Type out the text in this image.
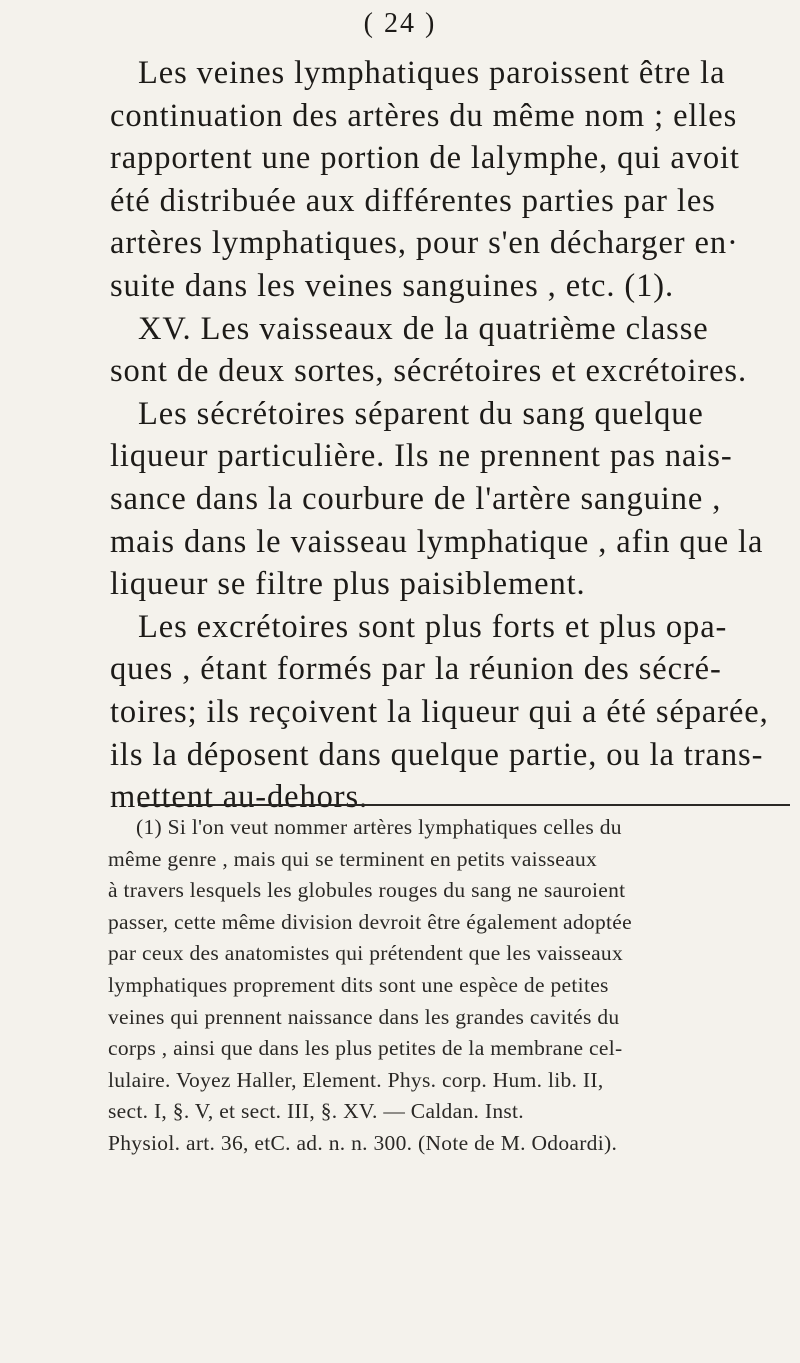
( 24 )
Les veines lymphatiques paroissent être la
continuation des artères du même nom ; elles
rapportent une portion de lalymphe, qui avoit
été distribuée aux différentes parties par les
artères lymphatiques, pour s'en décharger en·
suite dans les veines sanguines , etc. (1).
XV. Les vaisseaux de la quatrième classe
sont de deux sortes, sécrétoires et excrétoires.
Les sécrétoires séparent du sang quelque
liqueur particulière. Ils ne prennent pas nais-
sance dans la courbure de l'artère sanguine ,
mais dans le vaisseau lymphatique , afin que la
liqueur se filtre plus paisiblement.
Les excrétoires sont plus forts et plus opa-
ques , étant formés par la réunion des sécré-
toires; ils reçoivent la liqueur qui a été séparée,
ils la déposent dans quelque partie, ou la trans-
mettent au-dehors.
(1) Si l'on veut nommer artères lymphatiques celles du
même genre , mais qui se terminent en petits vaisseaux
à travers lesquels les globules rouges du sang ne sauroient
passer, cette même division devroit être également adoptée
par ceux des anatomistes qui prétendent que les vaisseaux
lymphatiques proprement dits sont une espèce de petites
veines qui prennent naissance dans les grandes cavités du
corps , ainsi que dans les plus petites de la membrane cel-
lulaire. Voyez Haller, Element. Phys. corp. Hum. lib. II,
sect. I, §. V, et sect. III, §. XV. — Caldan. Inst.
Physiol. art. 36, etC. ad. n. n. 300. (Note de M. Odoardi).
